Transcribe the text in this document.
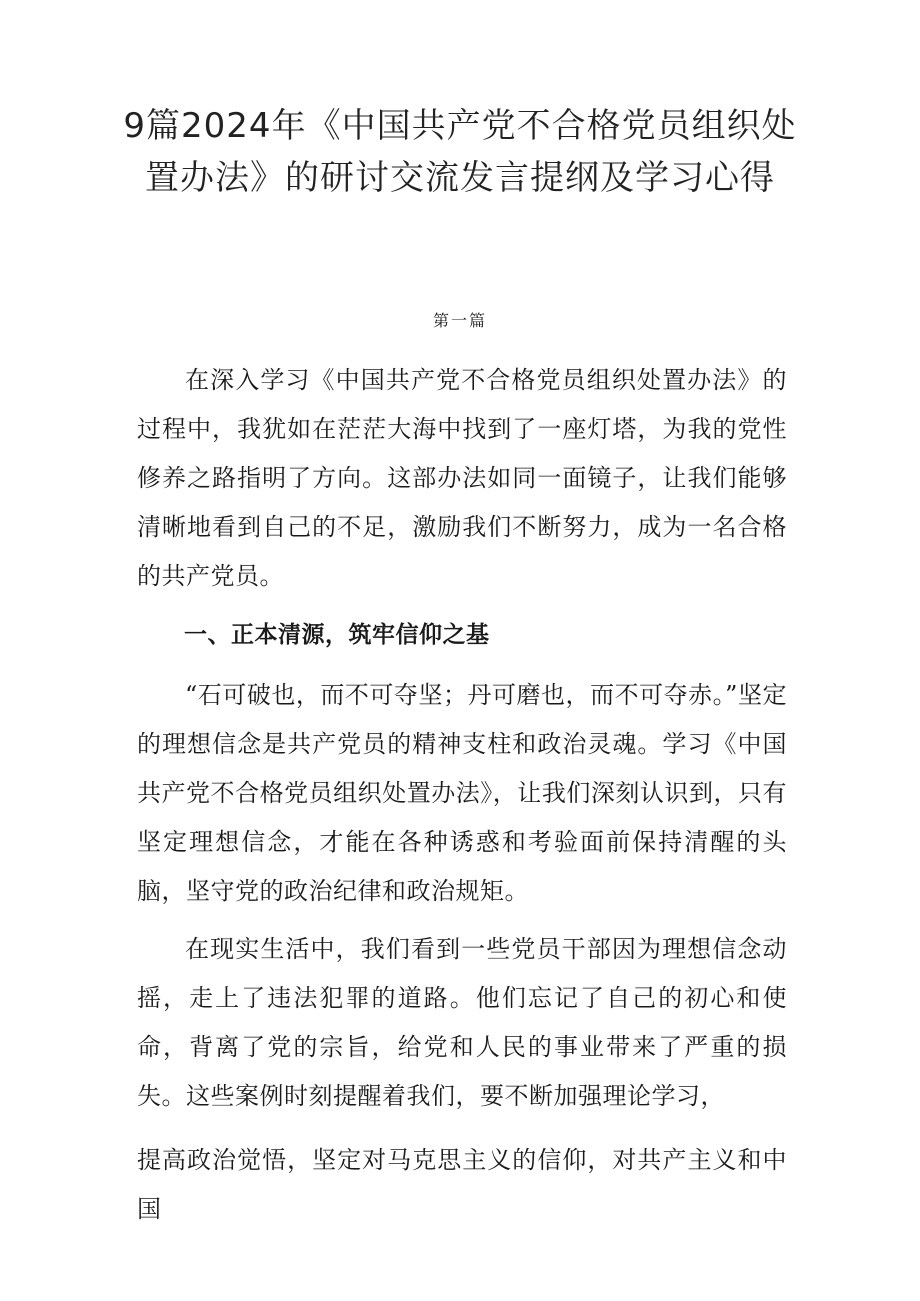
9篇2024年《中国共产党不合格党员组织处置办法》的研讨交流发言提纲及学习心得
第一篇

在深入学习《中国共产党不合格党员组织处置办法》的过程中，我犹如在茫茫大海中找到了一座灯塔，为我的党性修养之路指明了方向。这部办法如同一面镜子，让我们能够清晰地看到自己的不足，激励我们不断努力，成为一名合格的共产党员。

一、正本清源，筑牢信仰之基

“石可破也，而不可夺坚；丹可磨也，而不可夺赤。”坚定的理想信念是共产党员的精神支柱和政治灵魂。学习《中国共产党不合格党员组织处置办法》，让我们深刻认识到，只有坚定理想信念，才能在各种诱惑和考验面前保持清醒的头脑，坚守党的政治纪律和政治规矩。

在现实生活中，我们看到一些党员干部因为理想信念动摇，走上了违法犯罪的道路。他们忘记了自己的初心和使命，背离了党的宗旨，给党和人民的事业带来了严重的损失。这些案例时刻提醒着我们，要不断加强理论学习，

提高政治觉悟，坚定对马克思主义的信仰，对共产主义和中国
